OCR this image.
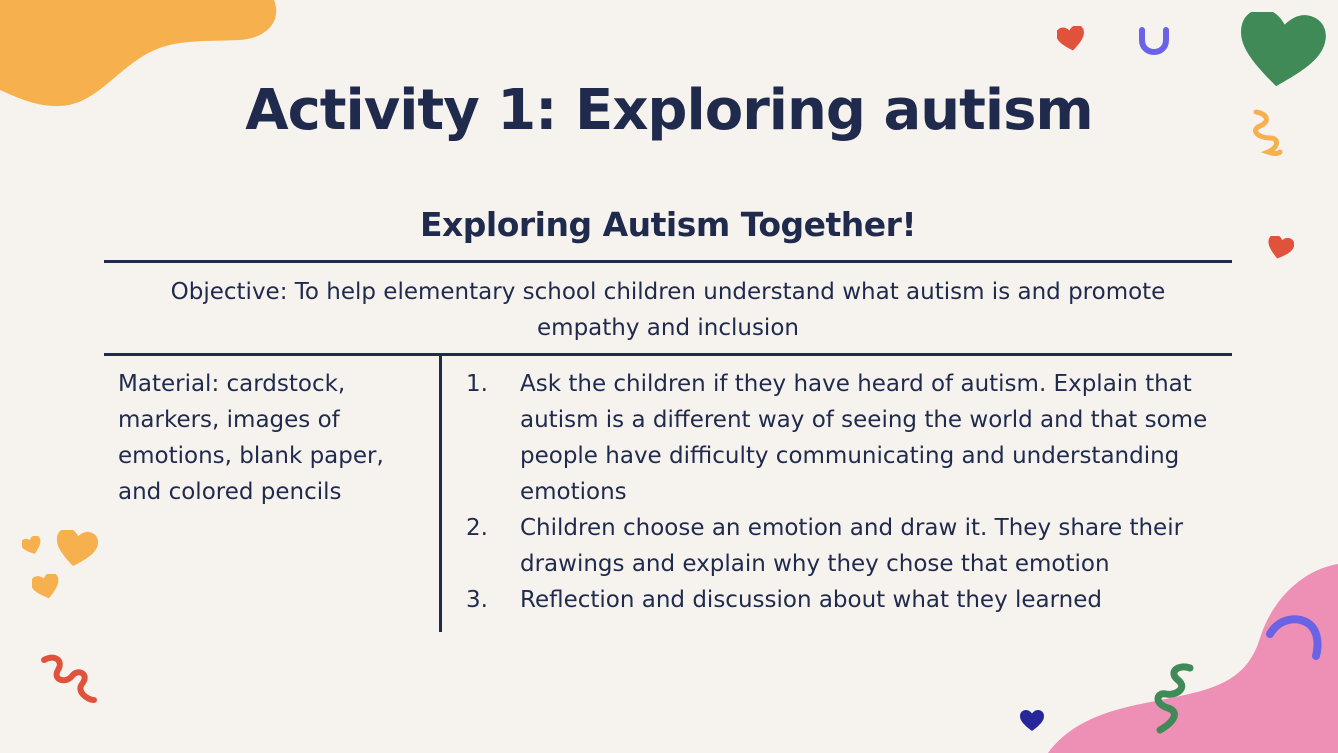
Activity 1: Exploring autism
Exploring Autism Together!
Objective: To help elementary school children understand what autism is and promote empathy and inclusion
Material: cardstock, markers, images of emotions, blank paper, and colored pencils
1.	Ask the children if they have heard of autism. Explain that autism is a different way of seeing the world and that some people have difficulty communicating and understanding emotions
2.	Children choose an emotion and draw it. They share their drawings and explain why they chose that emotion
3.	Reflection and discussion about what they learned
